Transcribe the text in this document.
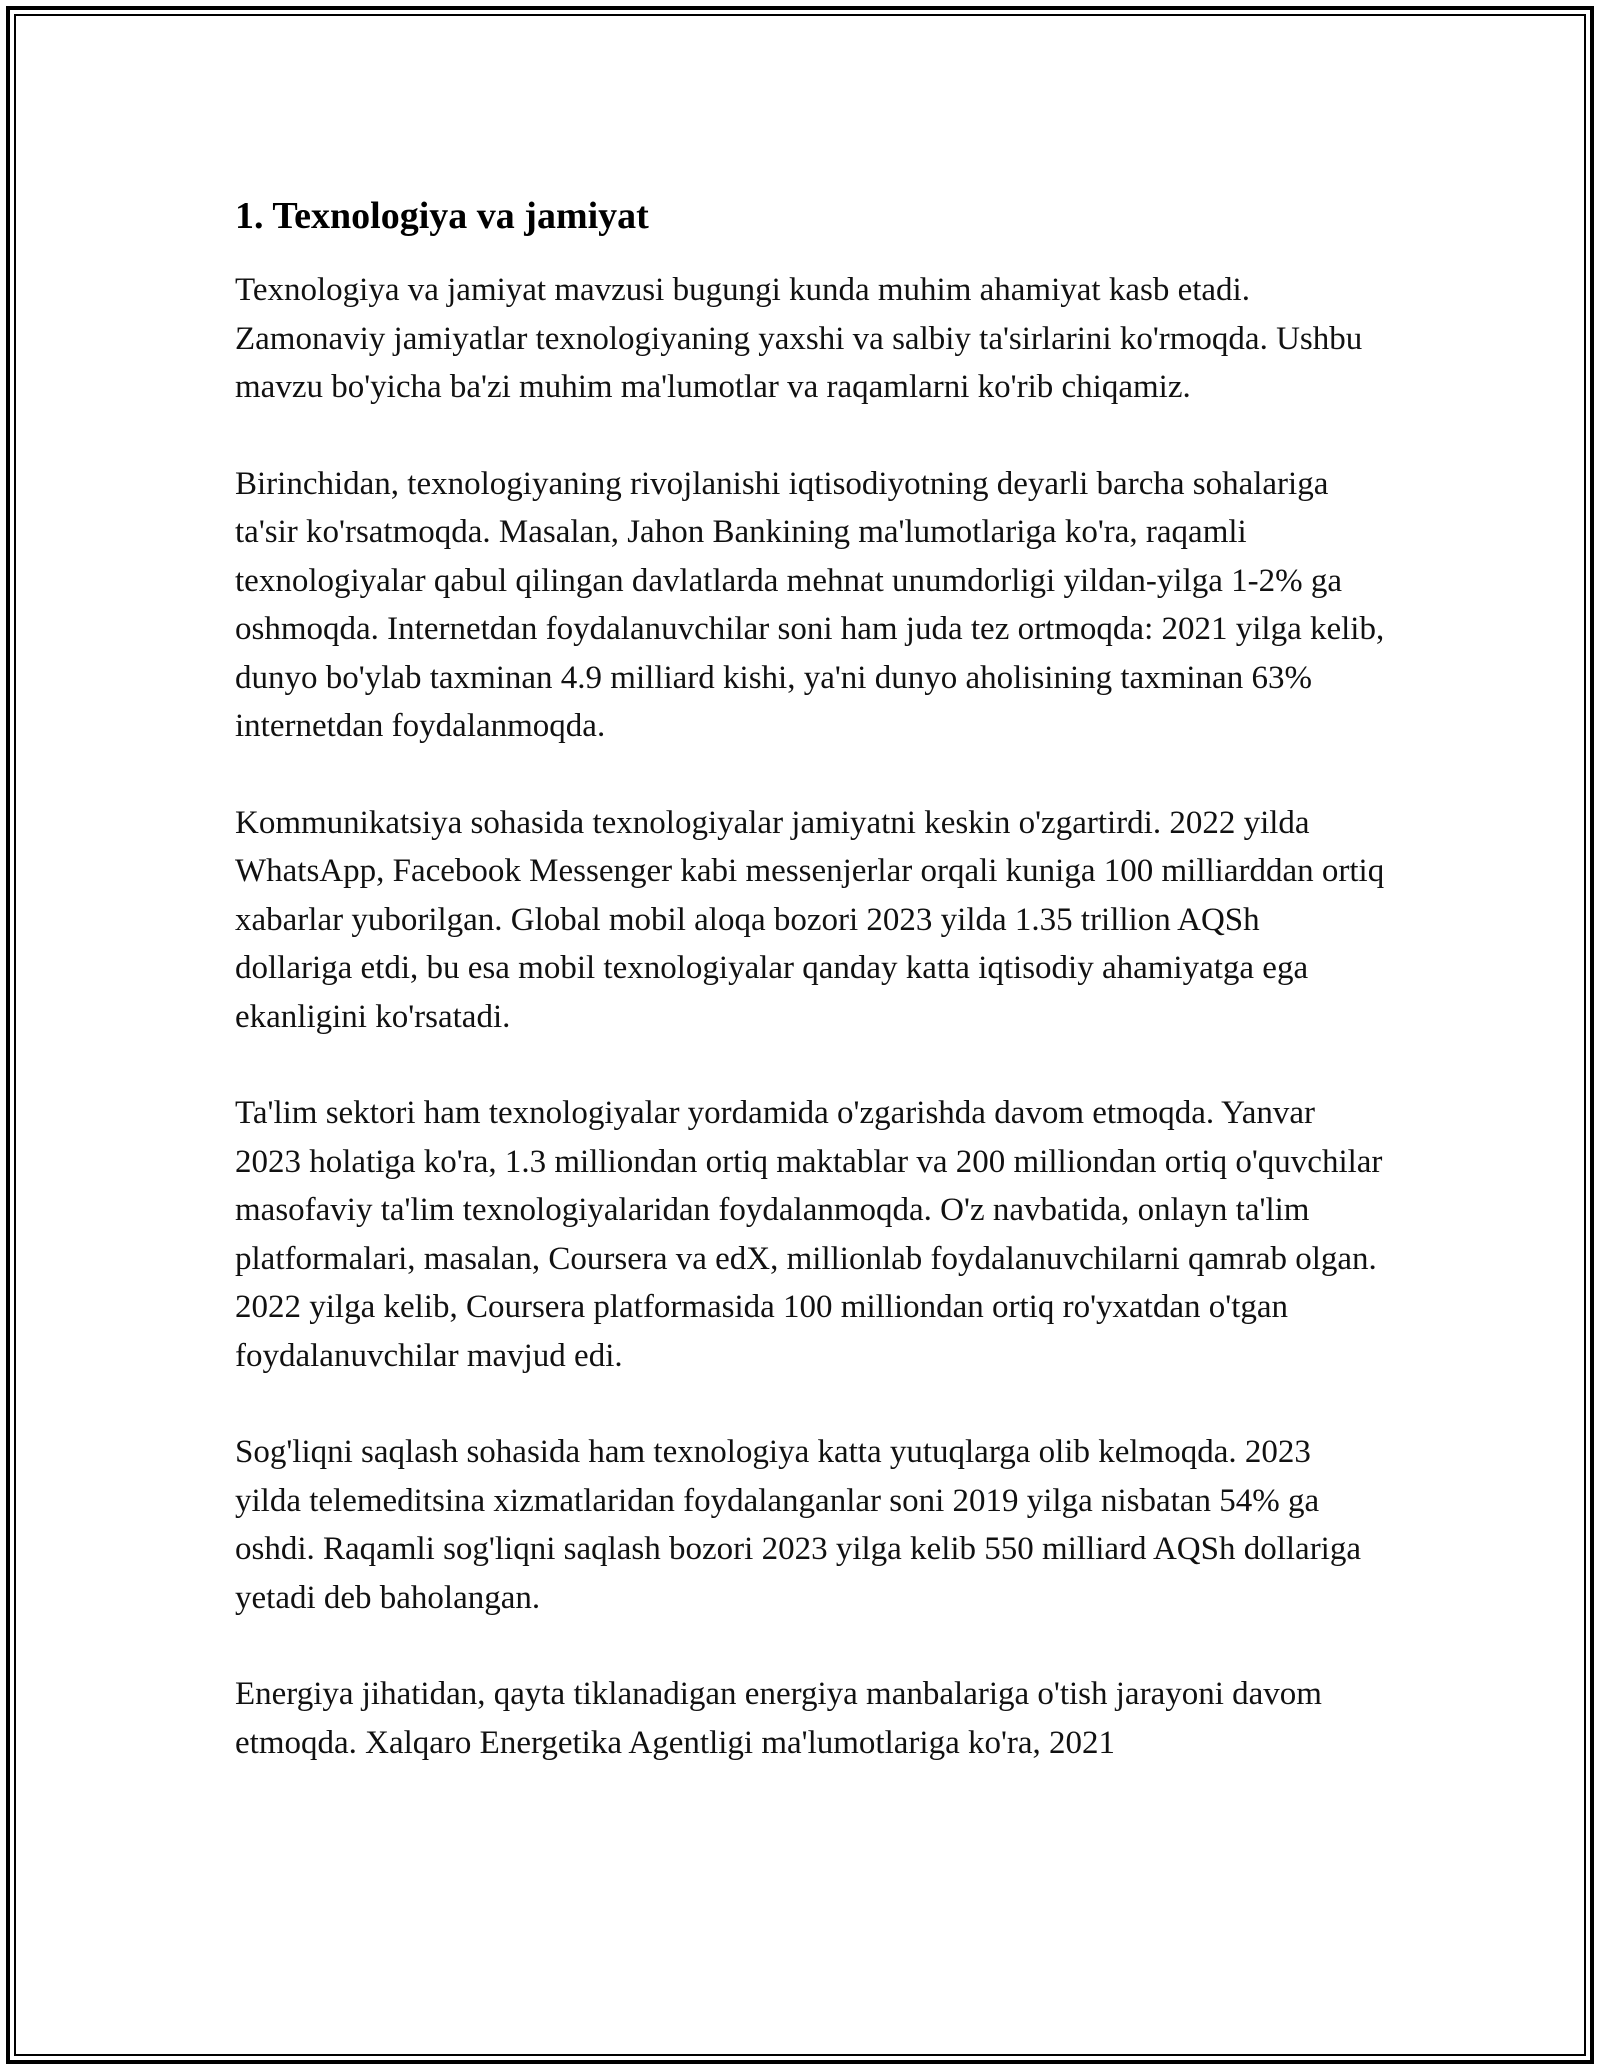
1. Texnologiya va jamiyat

Texnologiya va jamiyat mavzusi bugungi kunda muhim ahamiyat kasb etadi. Zamonaviy jamiyatlar texnologiyaning yaxshi va salbiy ta'sirlarini ko'rmoqda. Ushbu mavzu bo'yicha ba'zi muhim ma'lumotlar va raqamlarni ko'rib chiqamiz.

Birinchidan, texnologiyaning rivojlanishi iqtisodiyotning deyarli barcha sohalariga ta'sir ko'rsatmoqda. Masalan, Jahon Bankining ma'lumotlariga ko'ra, raqamli texnologiyalar qabul qilingan davlatlarda mehnat unumdorligi yildan-yilga 1-2% ga oshmoqda. Internetdan foydalanuvchilar soni ham juda tez ortmoqda: 2021 yilga kelib, dunyo bo'ylab taxminan 4.9 milliard kishi, ya'ni dunyo aholisining taxminan 63% internetdan foydalanmoqda.

Kommunikatsiya sohasida texnologiyalar jamiyatni keskin o'zgartirdi. 2022 yilda WhatsApp, Facebook Messenger kabi messenjerlar orqali kuniga 100 milliarddan ortiq xabarlar yuborilgan. Global mobil aloqa bozori 2023 yilda 1.35 trillion AQSh dollariga etdi, bu esa mobil texnologiyalar qanday katta iqtisodiy ahamiyatga ega ekanligini ko'rsatadi.

Ta'lim sektori ham texnologiyalar yordamida o'zgarishda davom etmoqda. Yanvar 2023 holatiga ko'ra, 1.3 milliondan ortiq maktablar va 200 milliondan ortiq o'quvchilar masofaviy ta'lim texnologiyalaridan foydalanmoqda. O'z navbatida, onlayn ta'lim platformalari, masalan, Coursera va edX, millionlab foydalanuvchilarni qamrab olgan. 2022 yilga kelib, Coursera platformasida 100 milliondan ortiq ro'yxatdan o'tgan foydalanuvchilar mavjud edi.

Sog'liqni saqlash sohasida ham texnologiya katta yutuqlarga olib kelmoqda. 2023 yilda telemeditsina xizmatlaridan foydalanganlar soni 2019 yilga nisbatan 54% ga oshdi. Raqamli sog'liqni saqlash bozori 2023 yilga kelib 550 milliard AQSh dollariga yetadi deb baholangan.

Energiya jihatidan, qayta tiklanadigan energiya manbalariga o'tish jarayoni davom etmoqda. Xalqaro Energetika Agentligi ma'lumotlariga ko'ra, 2021
